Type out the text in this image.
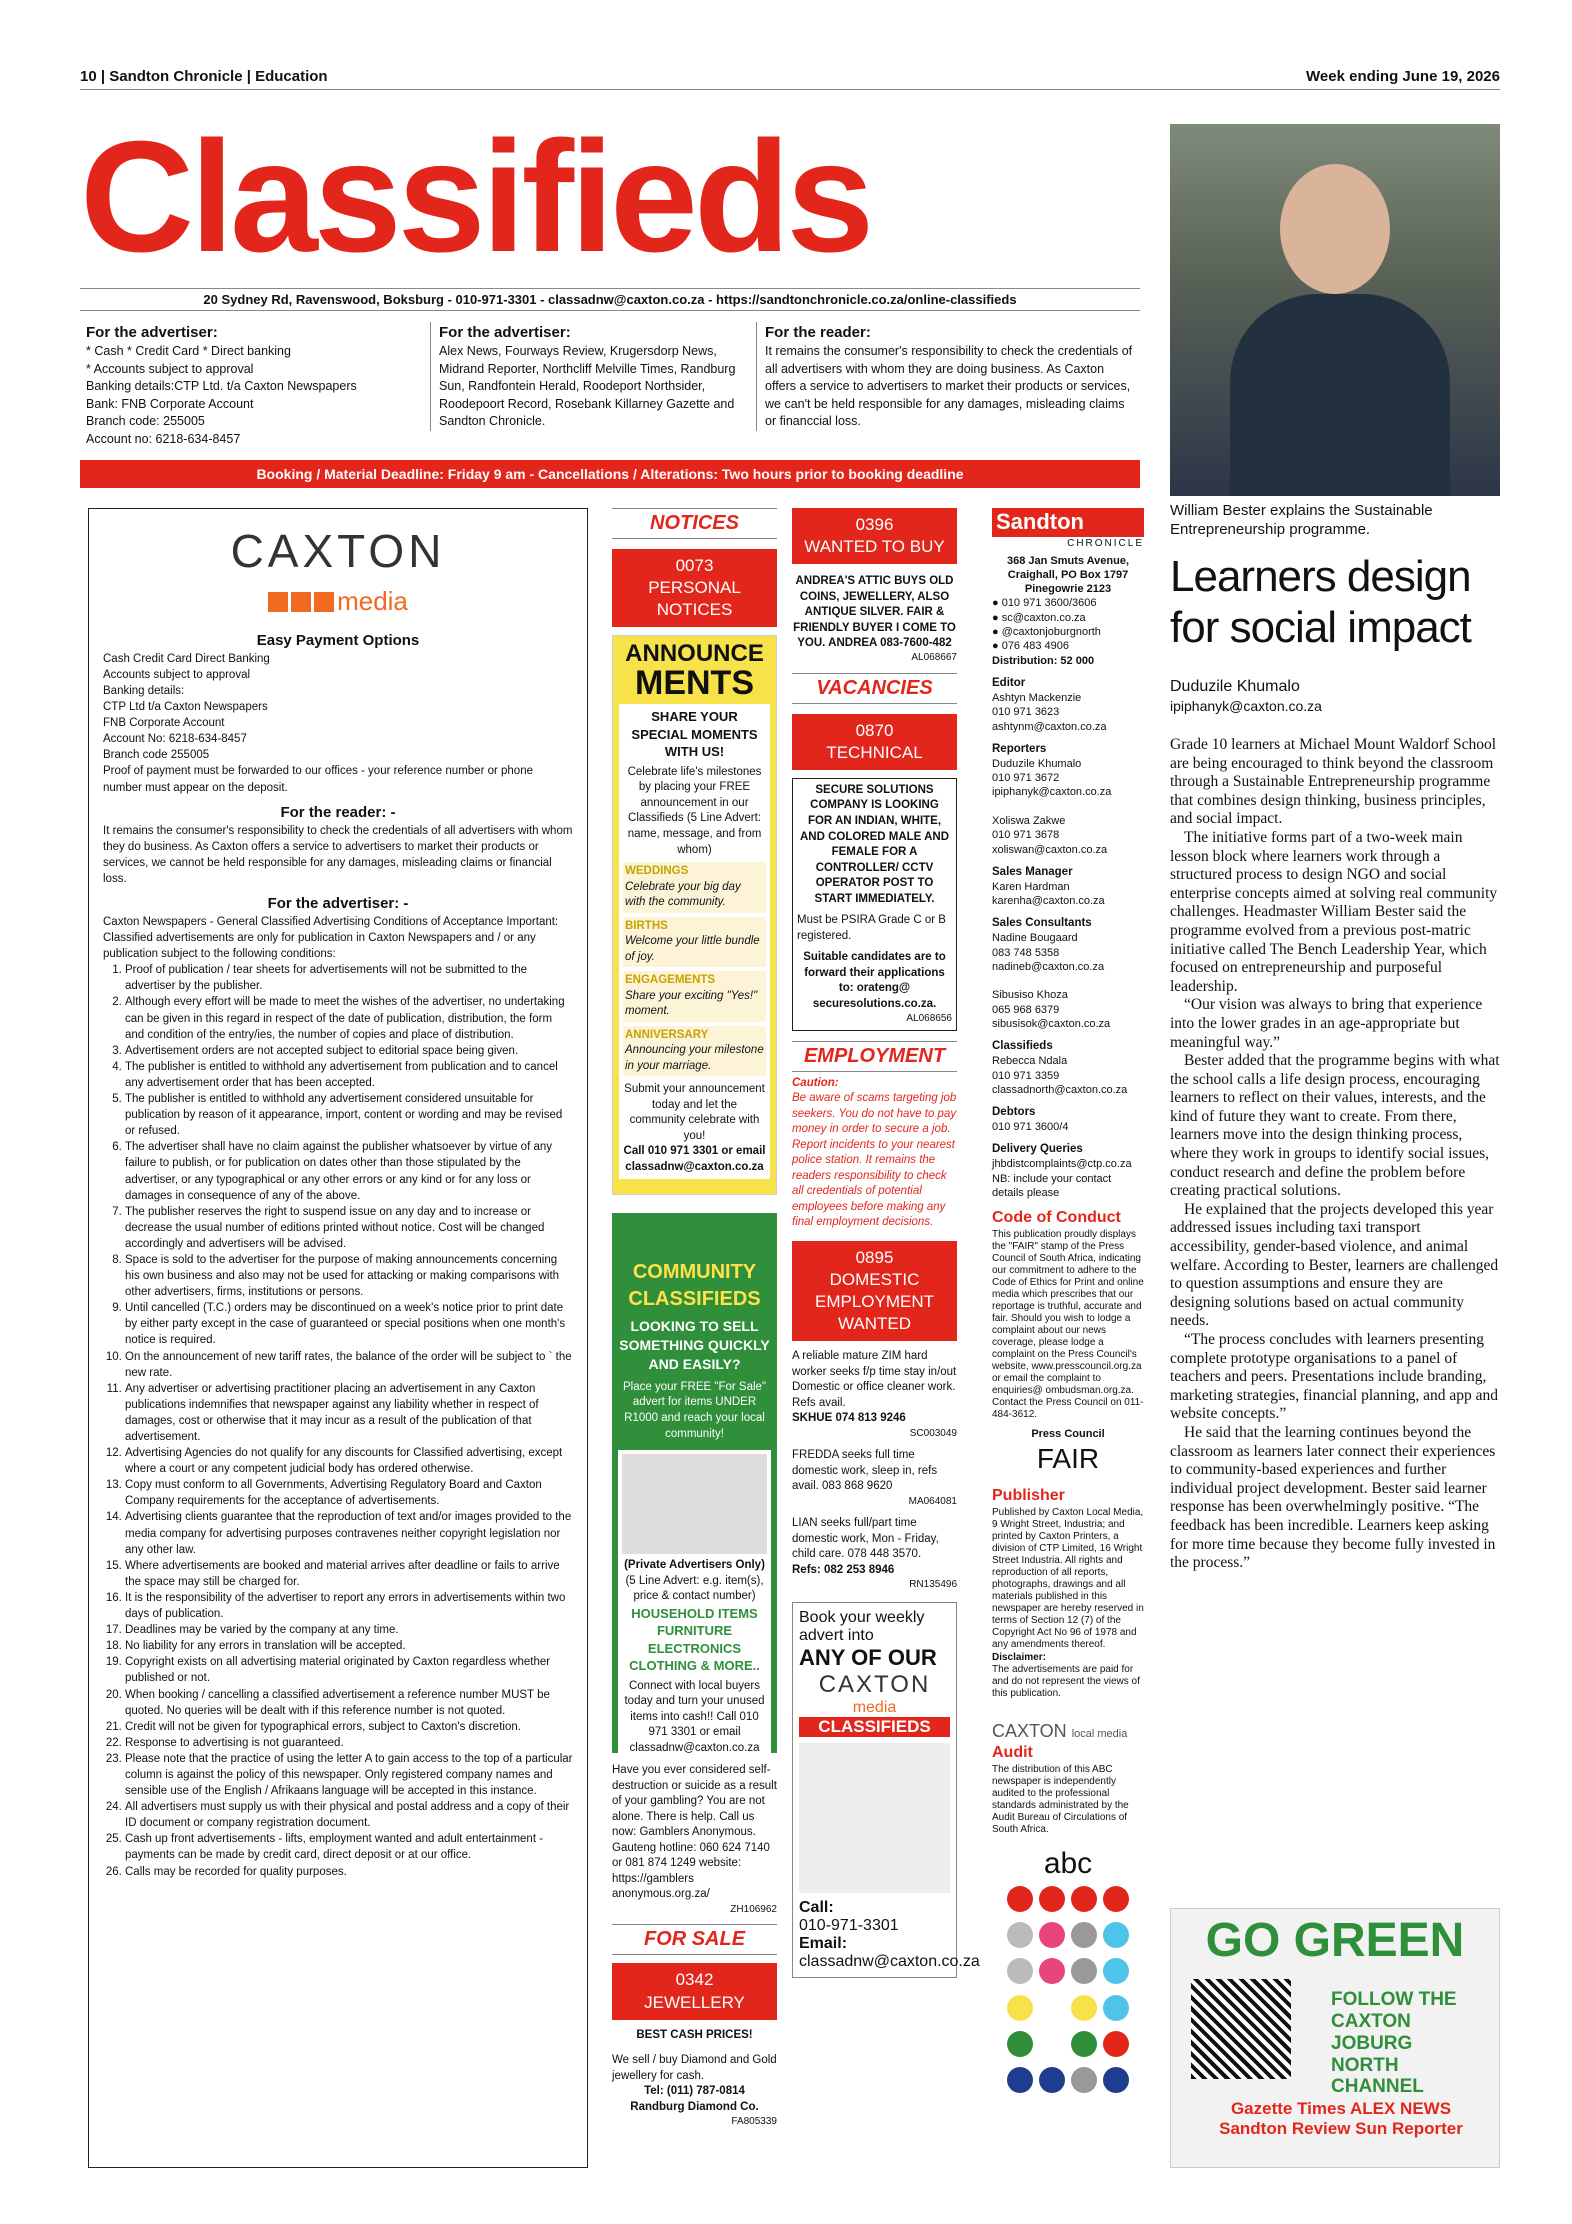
10 | Sandton Chronicle | Education	Week ending June 19, 2026
Classifieds
20 Sydney Rd, Ravenswood, Boksburg - 010-971-3301 - classadnw@caxton.co.za - https://sandtonchronicle.co.za/online-classifieds
For the advertiser:
* Cash * Credit Card * Direct banking
* Accounts subject to approval
Banking details:CTP Ltd. t/a Caxton Newspapers
Bank: FNB Corporate Account
Branch code: 255005
Account no: 6218-634-8457
For the advertiser:
Alex News, Fourways Review, Krugersdorp News, Midrand Reporter, Northcliff Melville Times, Randburg Sun, Randfontein Herald, Roodeport Northsider, Roodepoort Record, Rosebank Killarney Gazette and Sandton Chronicle.
For the reader:
It remains the consumer's responsibility to check the credentials of all advertisers with whom they are doing business. As Caxton offers a service to advertisers to market their products or services, we can't be held responsible for any damages, misleading claims or financcial loss.
Booking / Material Deadline: Friday 9 am - Cancellations / Alterations: Two hours prior to booking deadline
CAXTON
media
Easy Payment Options
Cash Credit Card Direct Banking
Accounts subject to approval
Banking details:
CTP Ltd t/a Caxton Newspapers
FNB Corporate Account
Account No: 6218-634-8457
Branch code 255005
Proof of payment must be forwarded to our offices - your reference number or phone number must appear on the deposit.
For the reader: -
It remains the consumer's responsibility to check the credentials of all advertisers with whom they do business. As Caxton offers a service to advertisers to market their products or services, we cannot be held responsible for any damages, misleading claims or financial loss.
For the advertiser: -
Caxton Newspapers - General Classified Advertising Conditions of Acceptance Important: Classified advertisements are only for publication in Caxton Newspapers and / or any publication subject to the following conditions:
1. Proof of publication / tear sheets for advertisements will not be submitted to the advertiser by the publisher.
2. Although every effort will be made to meet the wishes of the advertiser, no undertaking can be given in this regard in respect of the date of publication, distribution, the form and condition of the entry/ies, the number of copies and place of distribution.
3. Advertisement orders are not accepted subject to editorial space being given.
4. The publisher is entitled to withhold any advertisement from publication and to cancel any advertisement order that has been accepted.
5. The publisher is entitled to withhold any advertisement considered unsuitable for publication by reason of it appearance, import, content or wording and may be revised or refused.
6. The advertiser shall have no claim against the publisher whatsoever by virtue of any failure to publish, or for publication on dates other than those stipulated by the advertiser, or any typographical or any other errors or any kind or for any loss or damages in consequence of any of the above.
7. The publisher reserves the right to suspend issue on any day and to increase or decrease the usual number of editions printed without notice. Cost will be changed accordingly and advertisers will be advised.
8. Space is sold to the advertiser for the purpose of making announcements concerning his own business and also may not be used for attacking or making comparisons with other advertisers, firms, institutions or persons.
9. Until cancelled (T.C.) orders may be discontinued on a week's notice prior to print date by either party except in the case of guaranteed or special positions when one month's notice is required.
10. On the announcement of new tariff rates, the balance of the order will be subject to ` the new rate.
11. Any advertiser or advertising practitioner placing an advertisement in any Caxton publications indemnifies that newspaper against any liability whether in respect of damages, cost or otherwise that it may incur as a result of the publication of that advertisement.
12. Advertising Agencies do not qualify for any discounts for Classified advertising, except where a court or any competent judicial body has ordered otherwise.
13. Copy must conform to all Governments, Advertising Regulatory Board and Caxton Company requirements for the acceptance of advertisements.
14. Advertising clients guarantee that the reproduction of text and/or images provided to the media company for advertising purposes contravenes neither copyright legislation nor any other law.
15. Where advertisements are booked and material arrives after deadline or fails to arrive the space may still be charged for.
16. It is the responsibility of the advertiser to report any errors in advertisements within two days of publication.
17. Deadlines may be varied by the company at any time.
18. No liability for any errors in translation will be accepted.
19. Copyright exists on all advertising material originated by Caxton regardless whether published or not.
20. When booking / cancelling a classified advertisement a reference number MUST be quoted. No queries will be dealt with if this reference number is not quoted.
21. Credit will not be given for typographical errors, subject to Caxton's discretion.
22. Response to advertising is not guaranteed.
23. Please note that the practice of using the letter A to gain access to the top of a particular column is against the policy of this newspaper. Only registered company names and sensible use of the English / Afrikaans language will be accepted in this instance.
24. All advertisers must supply us with their physical and postal address and a copy of their ID document or company registration document.
25. Cash up front advertisements - lifts, employment wanted and adult entertainment - payments can be made by credit card, direct deposit or at our office.
26. Calls may be recorded for quality purposes.
NOTICES
0073
PERSONAL NOTICES
ANNOUNCE
MENTS
SHARE YOUR SPECIAL MOMENTS WITH US!
Celebrate life's milestones by placing your FREE announcement in our Classifieds (5 Line Advert: name, message, and from whom)
WEDDINGS
Celebrate your big day with the community.
BIRTHS
Welcome your little bundle of joy.
ENGAGEMENTS
Share your exciting "Yes!" moment.
ANNIVERSARY
Announcing your milestone in your marriage.
Submit your announcement today and let the community celebrate with you!
Call 010 971 3301 or email classadnw@caxton.co.za
COMMUNITY CLASSIFIEDS
LOOKING TO SELL SOMETHING QUICKLY AND EASILY?
Place your FREE "For Sale" advert for items UNDER R1000 and reach your local community!
(Private Advertisers Only)
(5 Line Advert: e.g. item(s), price & contact number)
HOUSEHOLD ITEMS FURNITURE ELECTRONICS CLOTHING & MORE..
Connect with local buyers today and turn your unused items into cash!! Call 010 971 3301 or email classadnw@caxton.co.za
Have you ever considered self-destruction or suicide as a result of your gambling? You are not alone. There is help. Call us now: Gamblers Anonymous. Gauteng hotline: 060 624 7140 or 081 874 1249 website: https://gamblers anonymous.org.za/
ZH106962
FOR SALE
0342
JEWELLERY
BEST CASH PRICES!
We sell / buy Diamond and Gold jewellery for cash.
Tel: (011) 787-0814
Randburg Diamond Co.
FA805339
0396
WANTED TO BUY
ANDREA'S ATTIC BUYS OLD COINS, JEWELLERY, ALSO ANTIQUE SILVER. FAIR & FRIENDLY BUYER I COME TO YOU. ANDREA 083-7600-482
AL068667
VACANCIES
0870
TECHNICAL
SECURE SOLUTIONS COMPANY IS LOOKING FOR AN INDIAN, WHITE, AND COLORED MALE AND FEMALE FOR A CONTROLLER/ CCTV OPERATOR POST TO START IMMEDIATELY.
Must be PSIRA Grade C or B registered.
Suitable candidates are to forward their applications to: orateng@ securesolutions.co.za.
AL068656
EMPLOYMENT
Caution:
Be aware of scams targeting job seekers. You do not have to pay money in order to secure a job. Report incidents to your nearest police station. It remains the readers responsibility to check all credentials of potential employees before making any final employment decisions.
0895
DOMESTIC EMPLOYMENT WANTED
A reliable mature ZIM hard worker seeks f/p time stay in/out Domestic or office cleaner work. Refs avail.
SKHUE 074 813 9246
SC003049
FREDDA seeks full time domestic work, sleep in, refs avail. 083 868 9620
MA064081
LIAN seeks full/part time domestic work, Mon - Friday, child care. 078 448 3570.
Refs: 082 253 8946
RN135496
Book your weekly advert into
ANY OF OUR
CAXTON
media
CLASSIFIEDS
Call:
010-971-3301
Email:
classadnw@caxton.co.za
Sandton
CHRONICLE
368 Jan Smuts Avenue, Craighall, PO Box 1797 Pinegowrie 2123
● 010 971 3600/3606
● sc@caxton.co.za
● @caxtonjoburgnorth
● 076 483 4906
Distribution: 52 000
Editor
Ashtyn Mackenzie
010 971 3623
ashtynm@caxton.co.za
Reporters
Duduzile Khumalo
010 971 3672
ipiphanyk@caxton.co.za

Xoliswa Zakwe
010 971 3678
xoliswan@caxton.co.za
Sales Manager
Karen Hardman
karenha@caxton.co.za
Sales Consultants
Nadine Bougaard
083 748 5358
nadineb@caxton.co.za

Sibusiso Khoza
065 968 6379
sibusisok@caxton.co.za
Classifieds
Rebecca Ndala
010 971 3359
classadnorth@caxton.co.za
Debtors
010 971 3600/4
Delivery Queries
jhbdistcomplaints@ctp.co.za
NB: include your contact details please
Code of Conduct
This publication proudly displays the "FAIR" stamp of the Press Council of South Africa, indicating our commitment to adhere to the Code of Ethics for Print and online media which prescribes that our reportage is truthful, accurate and fair. Should you wish to lodge a complaint about our news coverage, please lodge a complaint on the Press Council's website, www.presscouncil.org.za or email the complaint to enquiries@ ombudsman.org.za. Contact the Press Council on 011-484-3612.
Press Council
FAIR
Publisher
Published by Caxton Local Media, 9 Wright Street, Industria; and printed by Caxton Printers, a division of CTP Limited, 16 Wright Street Industria. All rights and reproduction of all reports, photographs, drawings and all materials published in this newspaper are hereby reserved in terms of Section 12 (7) of the Copyright Act No 96 of 1978 and any amendments thereof.
Disclaimer:
The advertisements are paid for and do not represent the views of this publication.
CAXTON local media
Audit
The distribution of this ABC newspaper is independently audited to the professional standards administrated by the Audit Bureau of Circulations of South Africa.
abc

William Bester explains the Sustainable Entrepreneurship programme.
Learners design for social impact
Duduzile Khumalo
ipiphanyk@caxton.co.za

Grade 10 learners at Michael Mount Waldorf School are being encouraged to think beyond the classroom through a Sustainable Entrepreneurship programme that combines design thinking, business principles, and social impact.

The initiative forms part of a two-week main lesson block where learners work through a structured process to design NGO and social enterprise concepts aimed at solving real community challenges. Headmaster William Bester said the programme evolved from a previous post-matric initiative called The Bench Leadership Year, which focused on entrepreneurship and purposeful leadership.

“Our vision was always to bring that experience into the lower grades in an age-appropriate but meaningful way.”

Bester added that the programme begins with what the school calls a life design process, encouraging learners to reflect on their values, interests, and the kind of future they want to create. From there, learners move into the design thinking process, where they work in groups to identify social issues, conduct research and define the problem before creating practical solutions.

He explained that the projects developed this year addressed issues including taxi transport accessibility, gender-based violence, and animal welfare. According to Bester, learners are challenged to question assumptions and ensure they are designing solutions based on actual community needs.

“The process concludes with learners presenting complete prototype organisations to a panel of teachers and peers. Presentations include branding, marketing strategies, financial planning, and app and website concepts.”

He said that the learning continues beyond the classroom as learners later connect their experiences to community-based experiences and further individual project development. Bester said learner response has been overwhelmingly positive. “The feedback has been incredible. Learners keep asking for more time because they become fully invested in the process.”

GO GREEN
FOLLOW THE CAXTON JOBURG NORTH CHANNEL
Gazette Times ALEX NEWS Sandton Review Sun Reporter
